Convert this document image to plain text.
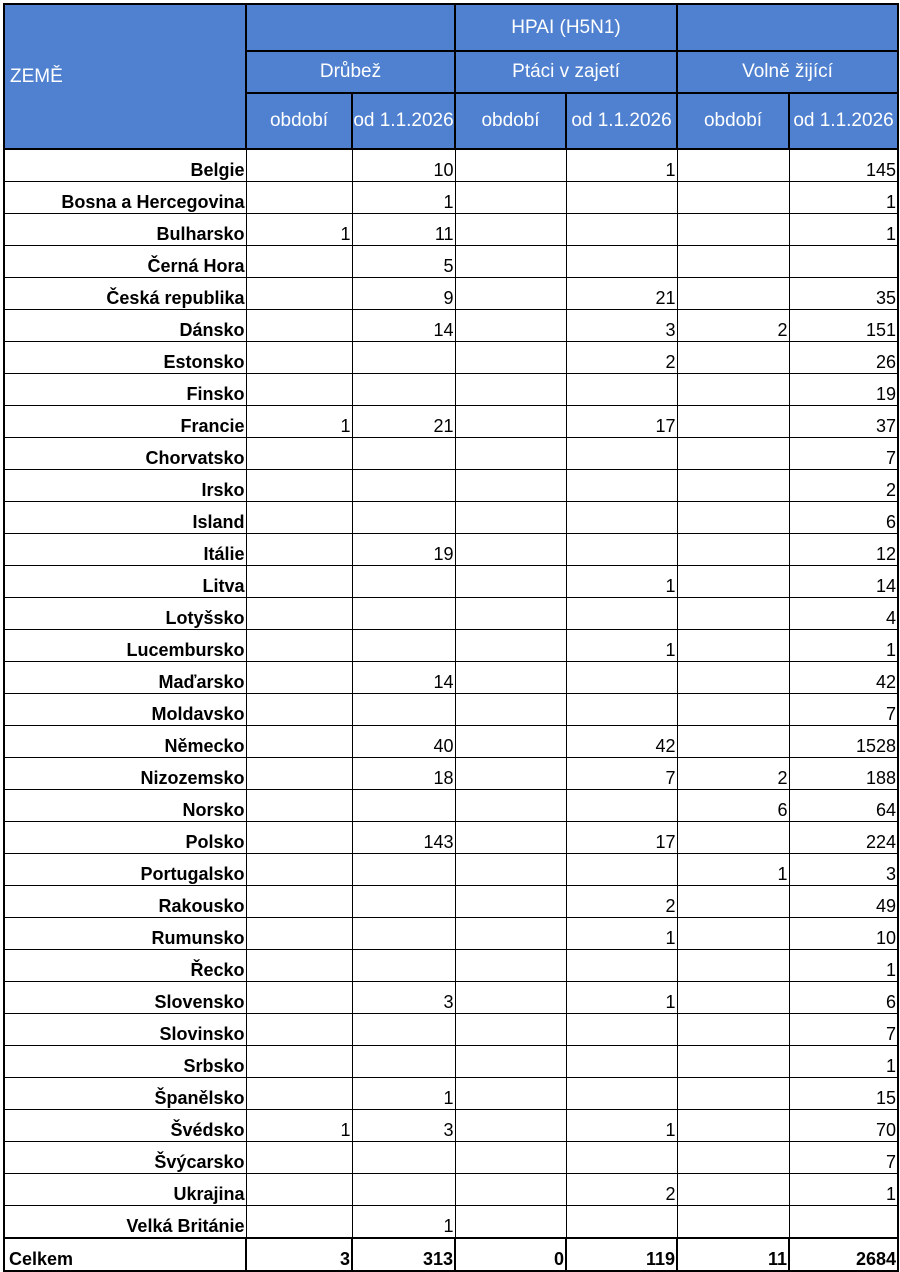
ZEMĚ			HPAI (H5N1)			
	Drůbež		Ptáci v zajetí		Volně žijící	
	období	od 1.1.2026	období	od 1.1.2026	období	od 1.1.2026
Belgie		10		1		145
Bosna a Hercegovina		1				1
Bulharsko	1	11				1
Černá Hora		5				
Česká republika		9		21		35
Dánsko		14		3	2	151
Estonsko				2		26
Finsko						19
Francie	1	21		17		37
Chorvatsko						7
Irsko						2
Island						6
Itálie		19				12
Litva				1		14
Lotyšsko						4
Lucembursko				1		1
Maďarsko		14				42
Moldavsko						7
Německo		40		42		1528
Nizozemsko		18		7	2	188
Norsko					6	64
Polsko		143		17		224
Portugalsko					1	3
Rakousko				2		49
Rumunsko				1		10
Řecko						1
Slovensko		3		1		6
Slovinsko						7
Srbsko						1
Španělsko		1				15
Švédsko	1	3		1		70
Švýcarsko						7
Ukrajina				2		1
Velká Británie		1				
Celkem	3	313	0	119	11	2684
